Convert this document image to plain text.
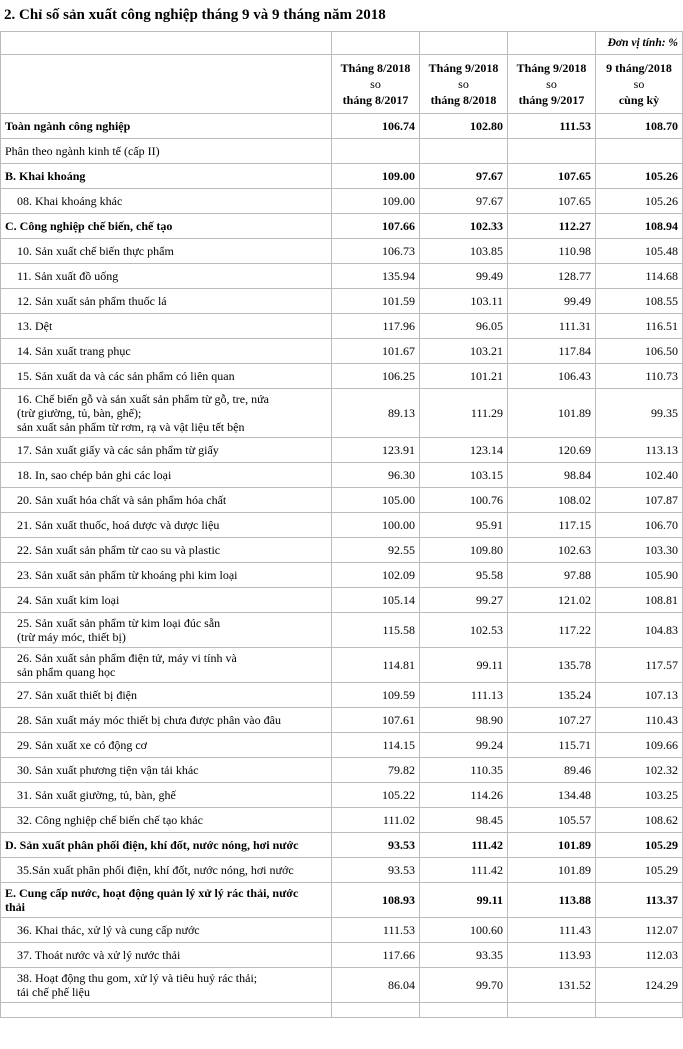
2. Chỉ số sản xuất công nghiệp tháng 9 và 9 tháng năm 2018
				Đơn vị tính: %

	Tháng 8/2018
so
tháng 8/2017	Tháng 9/2018
so
tháng 8/2018	Tháng 9/2018
so
tháng 9/2017	9 tháng/2018
so
cùng kỳ

Toàn ngành công nghiệp	106.74	102.80	111.53	108.70
Phân theo ngành kinh tế (cấp II)				
B. Khai khoáng	109.00	97.67	107.65	105.26
08. Khai khoáng khác	109.00	97.67	107.65	105.26
C. Công nghiệp chế biến, chế tạo	107.66	102.33	112.27	108.94
10. Sản xuất chế biến thực phẩm	106.73	103.85	110.98	105.48
11. Sản xuất đồ uống	135.94	99.49	128.77	114.68
12. Sản xuất sản phẩm thuốc lá	101.59	103.11	99.49	108.55
13. Dệt	117.96	96.05	111.31	116.51
14. Sản xuất trang phục	101.67	103.21	117.84	106.50
15. Sản xuất da và các sản phẩm có liên quan	106.25	101.21	106.43	110.73

16. Chế biến gỗ và sản xuất sản phẩm từ gỗ, tre, nứa
(trừ giường, tủ, bàn, ghế);
sản xuất sản phẩm từ rơm, rạ và vật liệu tết bện	89.13	111.29	101.89	99.35
17. Sản xuất giấy và các sản phẩm từ giấy	123.91	123.14	120.69	113.13
18. In, sao chép bản ghi các loại	96.30	103.15	98.84	102.40
20. Sản xuất hóa chất và sản phẩm hóa chất	105.00	100.76	108.02	107.87
21. Sản xuất thuốc, hoá dược và dược liệu	100.00	95.91	117.15	106.70
22. Sản xuất sản phẩm từ cao su và plastic	92.55	109.80	102.63	103.30
23. Sản xuất sản phẩm từ khoáng phi kim loại	102.09	95.58	97.88	105.90
24. Sản xuất kim loại	105.14	99.27	121.02	108.81

25. Sản xuất sản phẩm từ kim loại đúc sẵn
(trừ máy móc, thiết bị)	115.58	102.53	117.22	104.83

26. Sản xuất sản phẩm điện tử, máy vi tính và
sản phẩm quang học	114.81	99.11	135.78	117.57
27. Sản xuất thiết bị điện	109.59	111.13	135.24	107.13
28. Sản xuất máy móc thiết bị chưa được phân vào đâu	107.61	98.90	107.27	110.43
29. Sản xuất xe có động cơ	114.15	99.24	115.71	109.66
30. Sản xuất phương tiện vận tải khác	79.82	110.35	89.46	102.32
31. Sản xuất giường, tủ, bàn, ghế	105.22	114.26	134.48	103.25
32. Công nghiệp chế biến chế tạo khác	111.02	98.45	105.57	108.62
D. Sản xuất phân phối điện, khí đốt, nước nóng, hơi nước	93.53	111.42	101.89	105.29
35.Sản xuất phân phối điện, khí đốt, nước nóng, hơi nước	93.53	111.42	101.89	105.29

E. Cung cấp nước, hoạt động quản lý xử lý rác thải, nước
thải	108.93	99.11	113.88	113.37
36. Khai thác, xử lý và cung cấp nước	111.53	100.60	111.43	112.07
37. Thoát nước và xử lý nước thải	117.66	93.35	113.93	112.03

38. Hoạt động thu gom, xử lý và tiêu huỷ rác thải;
tái chế phế liệu	86.04	99.70	131.52	124.29
